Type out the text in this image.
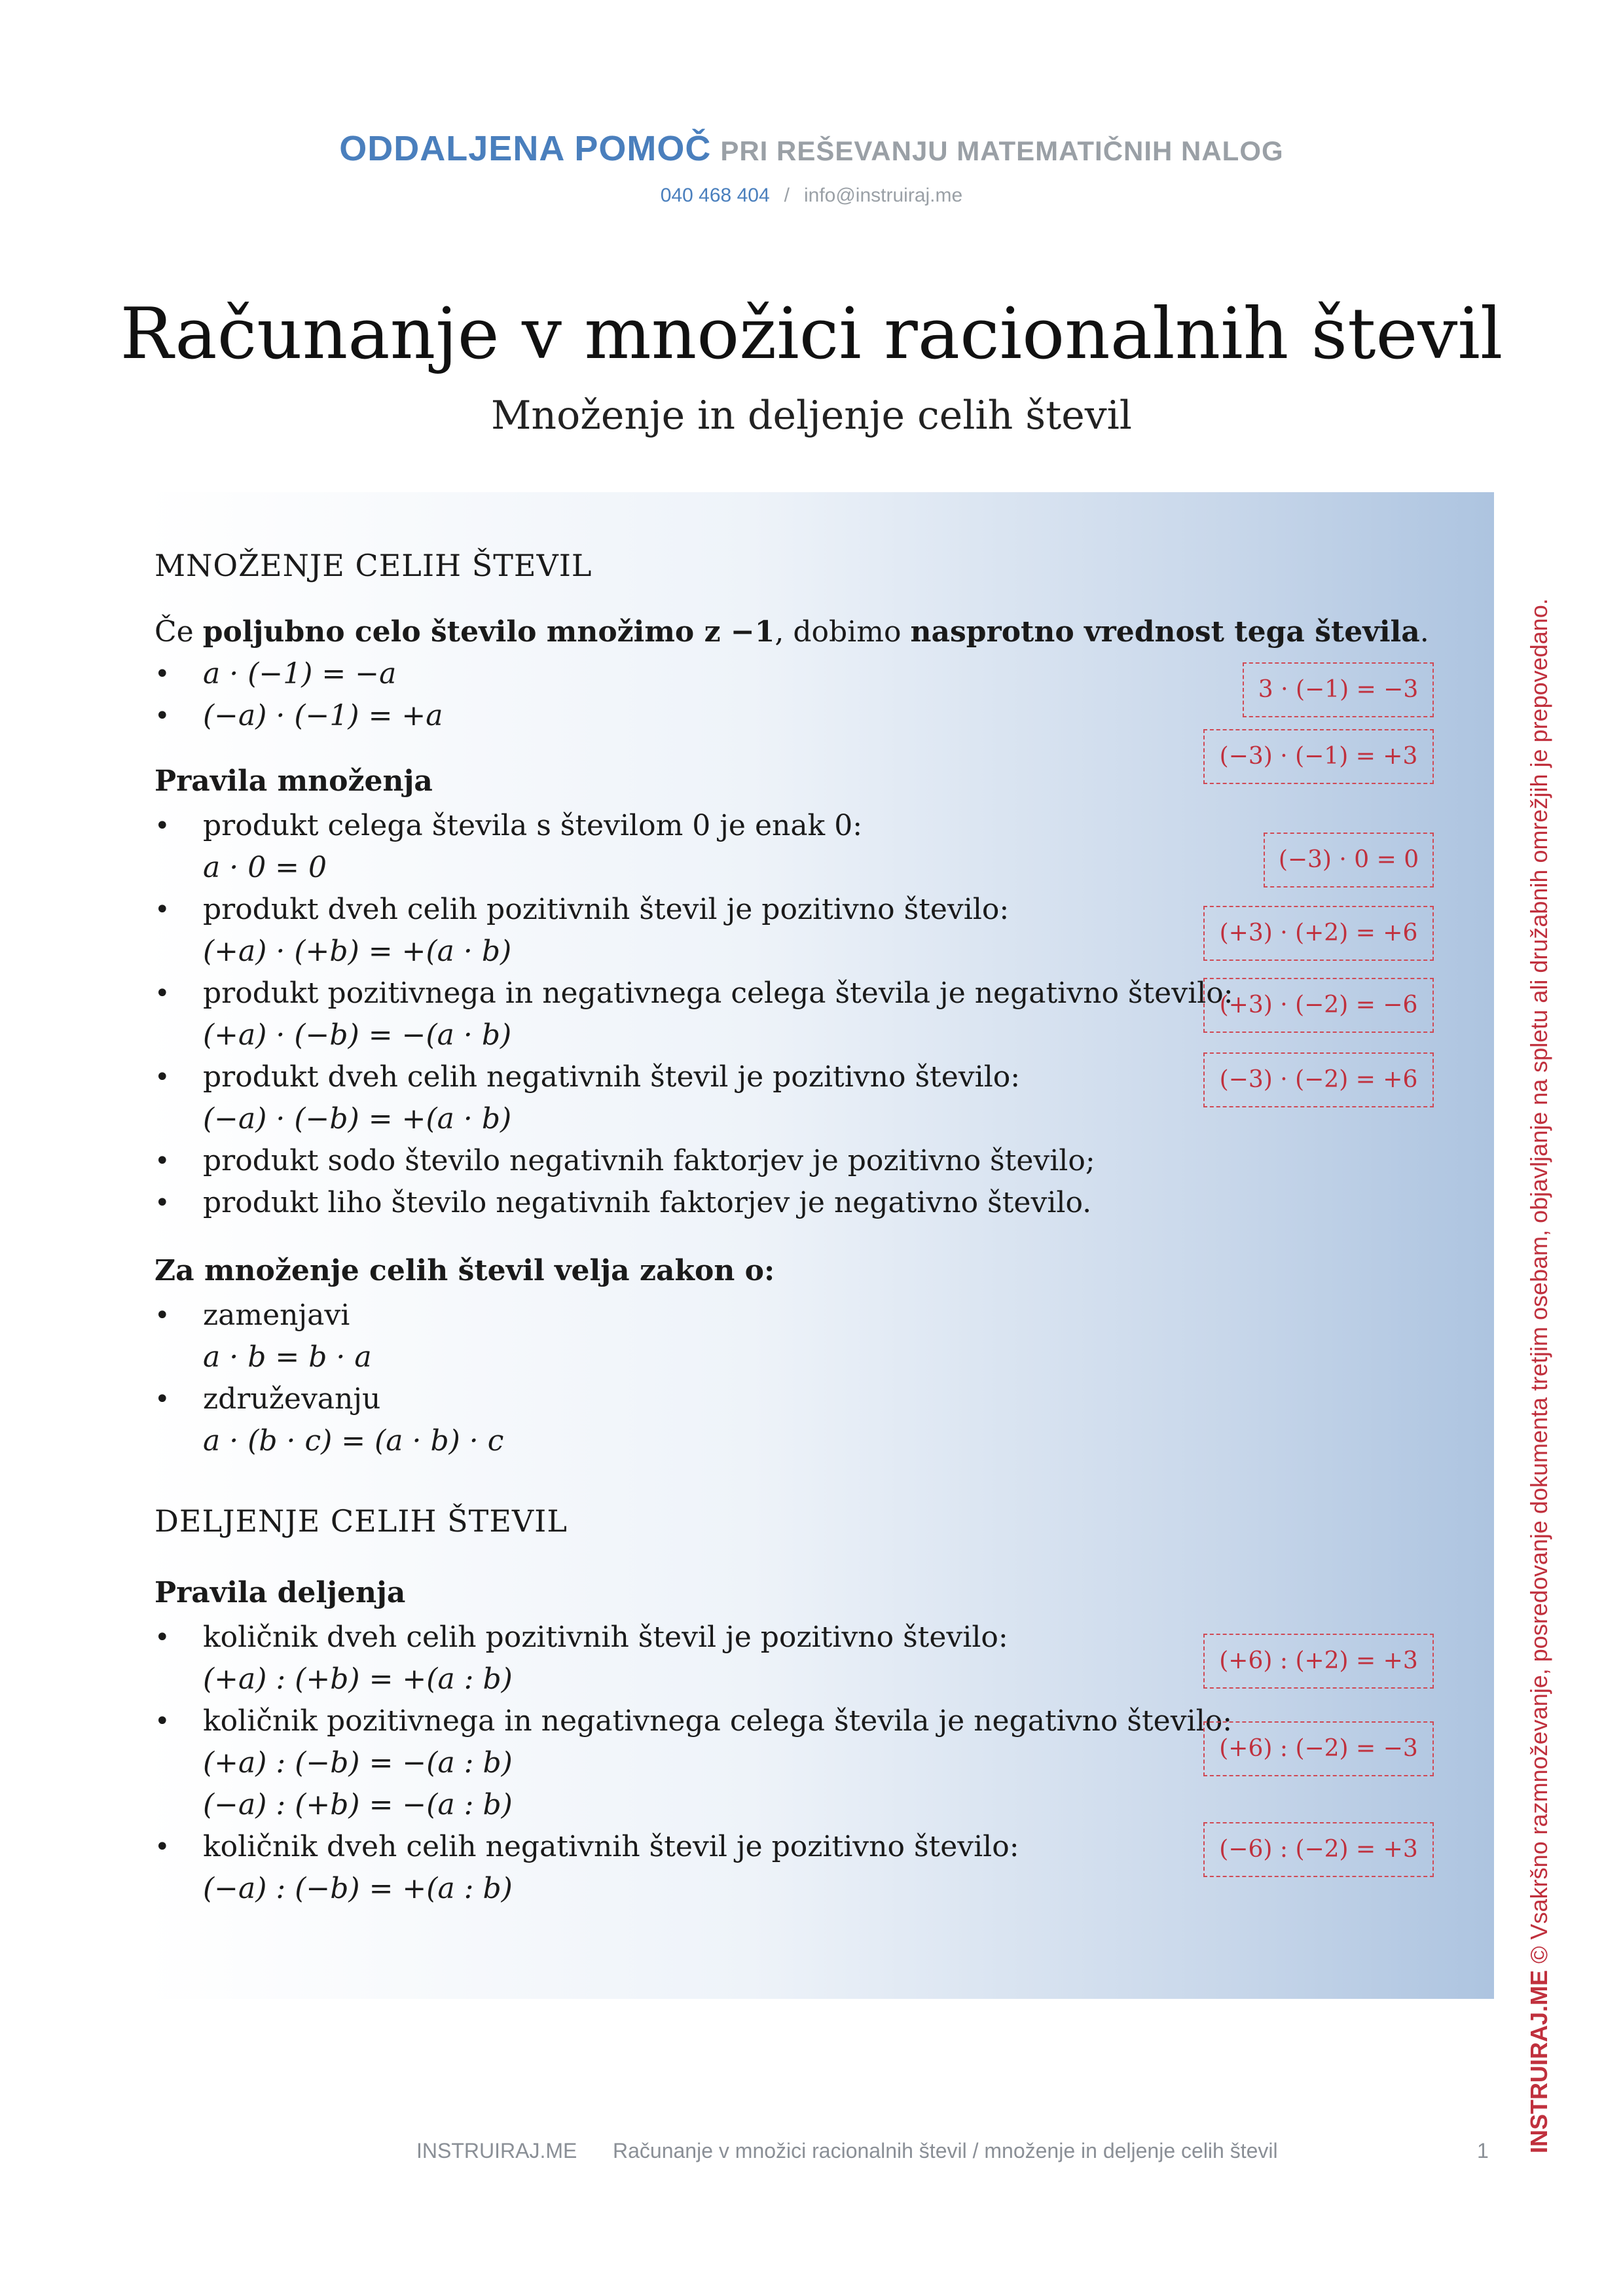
ODDALJENA POMOČ PRI REŠEVANJU MATEMATIČNIH NALOG
040 468 404 / info@instruiraj.me
Računanje v množici racionalnih števil
Množenje in deljenje celih števil
MNOŽENJE CELIH ŠTEVIL
Če poljubno celo število množimo z −1, dobimo nasprotno vrednost tega števila.
• a · (−1) = −a
• (−a) · (−1) = +a
Pravila množenja
• produkt celega števila s številom 0 je enak 0:
a · 0 = 0
• produkt dveh celih pozitivnih števil je pozitivno število:
(+a) · (+b) = +(a · b)
• produkt pozitivnega in negativnega celega števila je negativno število:
(+a) · (−b) = −(a · b)
• produkt dveh celih negativnih števil je pozitivno število:
(−a) · (−b) = +(a · b)
• produkt sodo število negativnih faktorjev je pozitivno število;
• produkt liho število negativnih faktorjev je negativno število.
Za množenje celih števil velja zakon o:
• zamenjavi
a · b = b · a
• združevanju
a · (b · c) = (a · b) · c
DELJENJE CELIH ŠTEVIL
Pravila deljenja
• količnik dveh celih pozitivnih števil je pozitivno število:
(+a) : (+b) = +(a : b)
• količnik pozitivnega in negativnega celega števila je negativno število:
(+a) : (−b) = −(a : b)
(−a) : (+b) = −(a : b)
• količnik dveh celih negativnih števil je pozitivno število:
(−a) : (−b) = +(a : b)
3 · (−1) = −3
(−3) · (−1) = +3
(−3) · 0 = 0
(+3) · (+2) = +6
(+3) · (−2) = −6
(−3) · (−2) = +6
(+6) : (+2) = +3
(+6) : (−2) = −3
(−6) : (−2) = +3
INSTRUIRAJ.ME © Vsakršno razmnoževanje, posredovanje dokumenta tretjim osebam, objavljanje na spletu ali družabnih omrežjih je prepovedano.
INSTRUIRAJ.ME Računanje v množici racionalnih števil / množenje in deljenje celih števil	1
